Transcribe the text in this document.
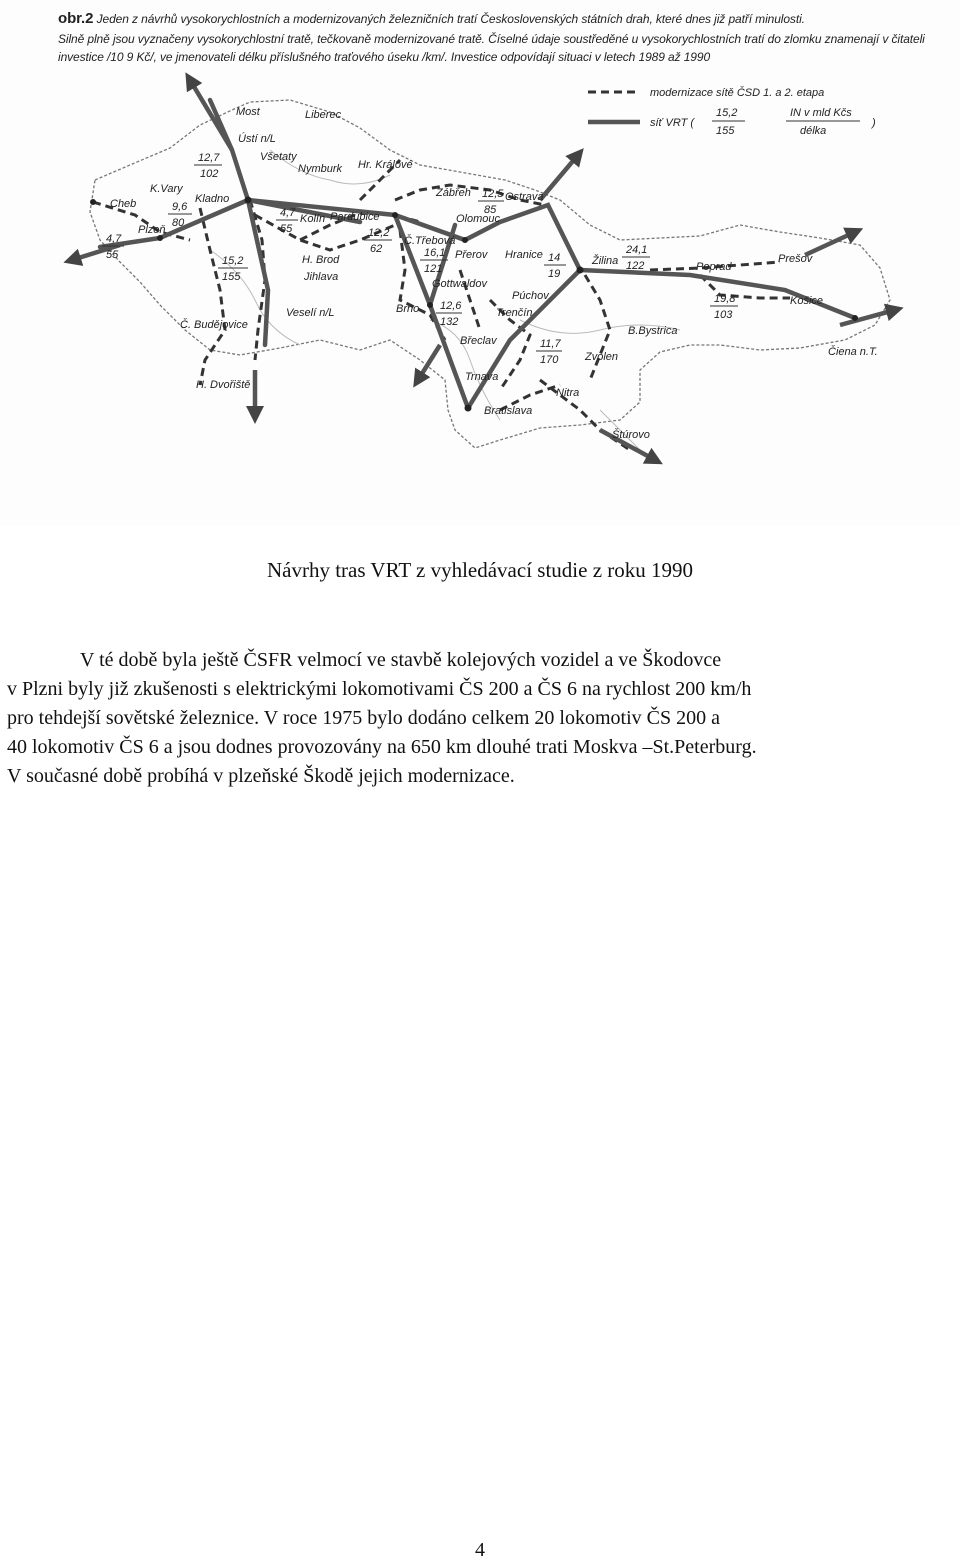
obr.2 Jeden z návrhů vysokorychlostních a modernizovaných železničních tratí Československých státních drah, které dnes již patří minulosti.
Silně plně jsou vyznačeny vysokorychlostní tratě, tečkovaně modernizované tratě. Číselné údaje soustředěné u vysokorychlostních tratí do zlomku znamenají v čitateli
investice /10 9 Kč/, ve jmenovateli délku příslušného traťového úseku /km/. Investice odpovídají situaci v letech 1989 až 1990
modernizace sítě ČSD 1. a 2. etapa
síť VRT (
15,2
155
IN v mld Kčs
délka
)
Most	Liberec
Ústí n/L
Všetaty
Nymburk Hr. Králové
K.Vary
Cheb	Kladno
Plzeň
Kolín Pardubice
Č.Třebová
Zábřeh	Ostrava
Olomouc
Přerov Hranice	Žilina	Poprad
Prešov
Košice
Čiena n.T.
H. Brod
Jihlava
Gottwaldov
Púchov
Trenčín
Brno
B.Bystrica
Břeclav
Zvolen
Trnava
Nitra
Bratislava
Štúrovo
Č. Budějovice
Veselí n/L
H. Dvořiště
12,7
102
9,6
80
4,7
55
4,7
55
15,2
155
12,2
62	16,1
121
12,5
85
14
19
24,1
122
19,8
103
12,6
132
11,7
170
Návrhy tras VRT z vyhledávací studie z roku 1990
V té době byla ještě ČSFR velmocí ve stavbě kolejových vozidel a ve Škodovce
v Plzni byly již zkušenosti s elektrickými lokomotivami ČS 200 a ČS 6 na rychlost 200 km/h
pro tehdejší sovětské železnice. V roce 1975 bylo dodáno celkem 20 lokomotiv ČS 200 a
40 lokomotiv ČS 6 a jsou dodnes provozovány na 650 km dlouhé trati Moskva –St.Peterburg.
V současné době probíhá v plzeňské Škodě jejich modernizace.
4
